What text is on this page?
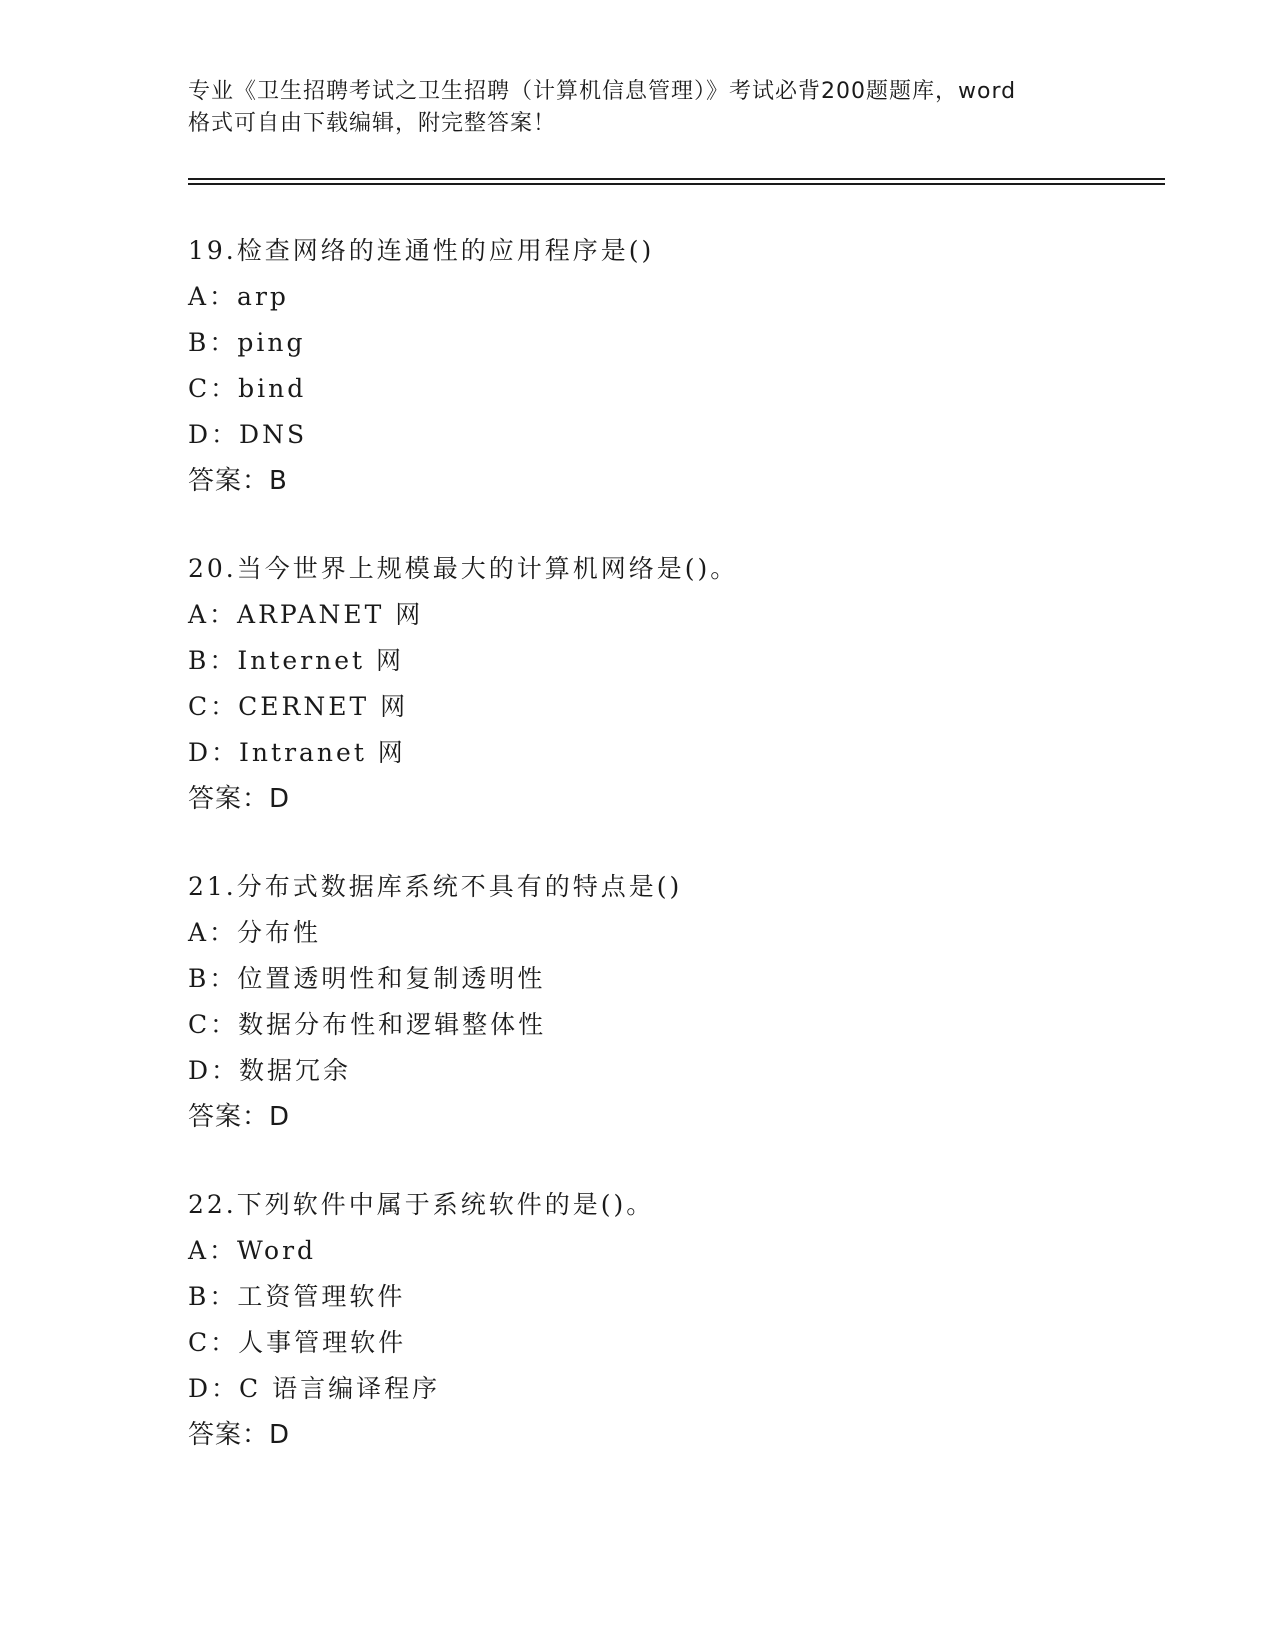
专业《卫生招聘考试之卫生招聘（计算机信息管理）》考试必背200题题库，word
格式可自由下载编辑，附完整答案！
19.检查网络的连通性的应用程序是()
A：arp
B：ping
C：bind
D：DNS
答案：B
20.当今世界上规模最大的计算机网络是()。
A：ARPANET 网
B：Internet 网
C：CERNET 网
D：Intranet 网
答案：D
21.分布式数据库系统不具有的特点是()
A：分布性
B：位置透明性和复制透明性
C：数据分布性和逻辑整体性
D：数据冗余
答案：D
22.下列软件中属于系统软件的是()。
A：Word
B：工资管理软件
C：人事管理软件
D：C 语言编译程序
答案：D
